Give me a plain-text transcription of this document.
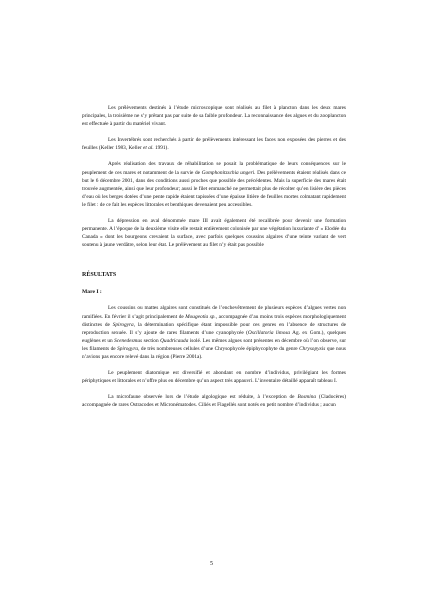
Les prélèvements destinés à l’étude microscopique sont réalisés au filet à plancton dans les deux mares principales, la troisième ne s’y prêtant pas par suite de sa faible profondeur. La reconnaissance des algues et du zooplancton est effectuée à partir du matériel vivant.

Les Invertébrés sont recherchés à partir de prélèvements intéressant les faces non exposées des pierres et des feuilles (Keller 1983, Keller et al. 1991).

Après réalisation des travaux de réhabilitation se posait la problématique de leurs conséquences sur le peuplement de ces mares et notamment de la survie de Gomphonitzschia ungeri. Des prélèvements étaient réalisés dans ce but le 6 décembre 2001, dans des conditions aussi proches que possible des précédentes. Mais la superficie des mares était trouvée augmentée, ainsi que leur profondeur; aussi le filet emmanché ne permettait plus de récolter qu’en lisière des pièces d’eau où les berges dotées d’une pente rapide étaient tapissées d’une épaisse litière de feuilles mortes colmatant rapidement le filet : de ce fait les espèces littorales et benthiques devenaient peu accessibles.

La dépression en aval dénommée mare III avait également été recalibrée pour devenir une formation permanente. A l’époque de la deuxième visite elle restait entièrement colonisée par une végétation luxuriante d’ « Elodée du Canada » dont les bourgeons crevaient la surface, avec parfois quelques coussins algaires d’une teinte variant de vert soutenu à jaune verdâtre, selon leur état. Le prélèvement au filet n’y était pas possible

RÉSULTATS
Mare I :

Les coussins ou mattes algaires sont constitués de l’enchevêtrement de plusieurs espèces d’algues vertes non ramifiées. En février il s’agit principalement de Mougeotia sp., accompagnée d’au moins trois espèces morphologiquement distinctes de Spirogyra, la détermination spécifique étant impossible pour ces genres en l’absence de structures de reproduction sexuée. Il s’y ajoute de rares filaments d’une cyanophycée (Oscillatoria limosa Ag. ex Gom.), quelques euglènes et un Scenedesmus section Quadricauda isolé. Les mêmes algues sont présentes en décembre où l’on observe, sur les filaments de Spirogyra, de très nombreuses cellules d’une Chrysophycée épiphycophyte du genre Chrysopyxis que nous n’avions pas encore relevé dans la région (Pierre 2001a).

Le peuplement diatomique est diversifié et abondant en nombre d’individus, privilégiant les formes périphytiques et littorales et n’offre plus en décembre qu’un aspect très appauvri. L’inventaire détaillé apparaît tableau I.

La microfaune observée lors de l’étude algologique est réduite, à l’exception de Bosmina (Cladocères) accompagnée de rares Ostracodes et Micronématodes. Ciliés et Flagellés sont notés en petit nombre d’individus ; aucun

5
